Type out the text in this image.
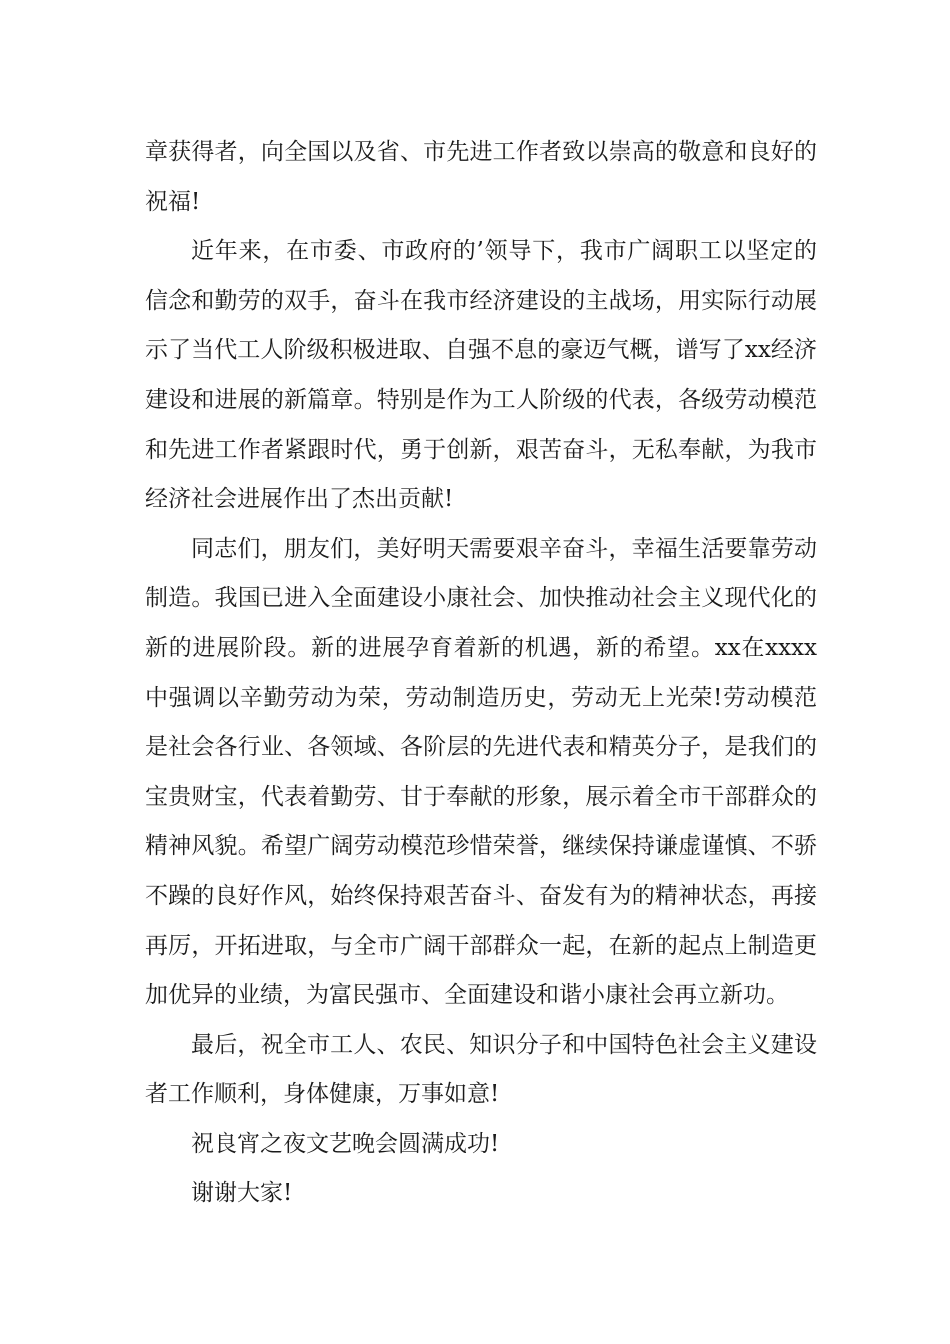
章获得者，向全国以及省、市先进工作者致以崇高的敬意和良好的祝福!

近年来，在市委、市政府的’领导下，我市广阔职工以坚定的信念和勤劳的双手，奋斗在我市经济建设的主战场，用实际行动展示了当代工人阶级积极进取、自强不息的豪迈气概，谱写了xx经济建设和进展的新篇章。特别是作为工人阶级的代表，各级劳动模范和先进工作者紧跟时代，勇于创新，艰苦奋斗，无私奉献，为我市经济社会进展作出了杰出贡献!

同志们，朋友们，美好明天需要艰辛奋斗，幸福生活要靠劳动制造。我国已进入全面建设小康社会、加快推动社会主义现代化的新的进展阶段。新的进展孕育着新的机遇，新的希望。xx在xxxx中强调以辛勤劳动为荣，劳动制造历史，劳动无上光荣!劳动模范是社会各行业、各领域、各阶层的先进代表和精英分子，是我们的宝贵财宝，代表着勤劳、甘于奉献的形象，展示着全市干部群众的精神风貌。希望广阔劳动模范珍惜荣誉，继续保持谦虚谨慎、不骄不躁的良好作风，始终保持艰苦奋斗、奋发有为的精神状态，再接再厉，开拓进取，与全市广阔干部群众一起，在新的起点上制造更加优异的业绩，为富民强市、全面建设和谐小康社会再立新功。

最后，祝全市工人、农民、知识分子和中国特色社会主义建设者工作顺利，身体健康，万事如意!

祝良宵之夜文艺晚会圆满成功!

谢谢大家!
